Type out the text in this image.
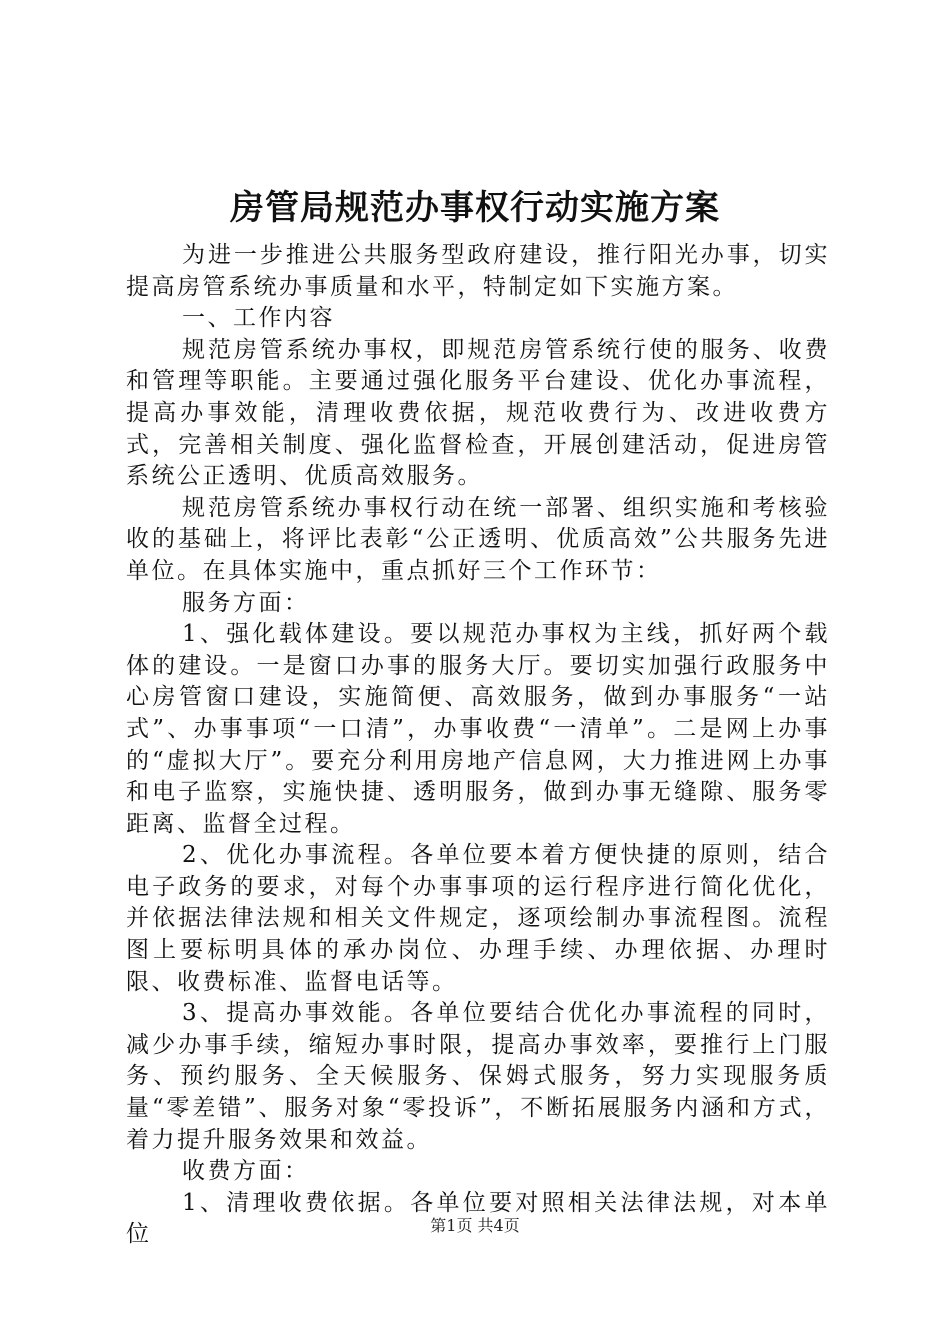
房管局规范办事权行动实施方案

为进一步推进公共服务型政府建设，推行阳光办事，切实提高房管系统办事质量和水平，特制定如下实施方案。

一、工作内容

规范房管系统办事权，即规范房管系统行使的服务、收费和管理等职能。主要通过强化服务平台建设、优化办事流程，提高办事效能，清理收费依据，规范收费行为、改进收费方式，完善相关制度、强化监督检查，开展创建活动，促进房管系统公正透明、优质高效服务。

规范房管系统办事权行动在统一部署、组织实施和考核验收的基础上，将评比表彰“公正透明、优质高效”公共服务先进单位。在具体实施中，重点抓好三个工作环节：

服务方面：

1、强化载体建设。要以规范办事权为主线，抓好两个载体的建设。一是窗口办事的服务大厅。要切实加强行政服务中心房管窗口建设，实施简便、高效服务，做到办事服务“一站式”、办事事项“一口清”，办事收费“一清单”。二是网上办事的“虚拟大厅”。要充分利用房地产信息网，大力推进网上办事和电子监察，实施快捷、透明服务，做到办事无缝隙、服务零距离、监督全过程。

2、优化办事流程。各单位要本着方便快捷的原则，结合电子政务的要求，对每个办事事项的运行程序进行简化优化，并依据法律法规和相关文件规定，逐项绘制办事流程图。流程图上要标明具体的承办岗位、办理手续、办理依据、办理时限、收费标准、监督电话等。

3、提高办事效能。各单位要结合优化办事流程的同时，减少办事手续，缩短办事时限，提高办事效率，要推行上门服务、预约服务、全天候服务、保姆式服务，努力实现服务质量“零差错”、服务对象“零投诉”，不断拓展服务内涵和方式，着力提升服务效果和效益。

收费方面：

1、清理收费依据。各单位要对照相关法律法规，对本单位	第1页 共4页
